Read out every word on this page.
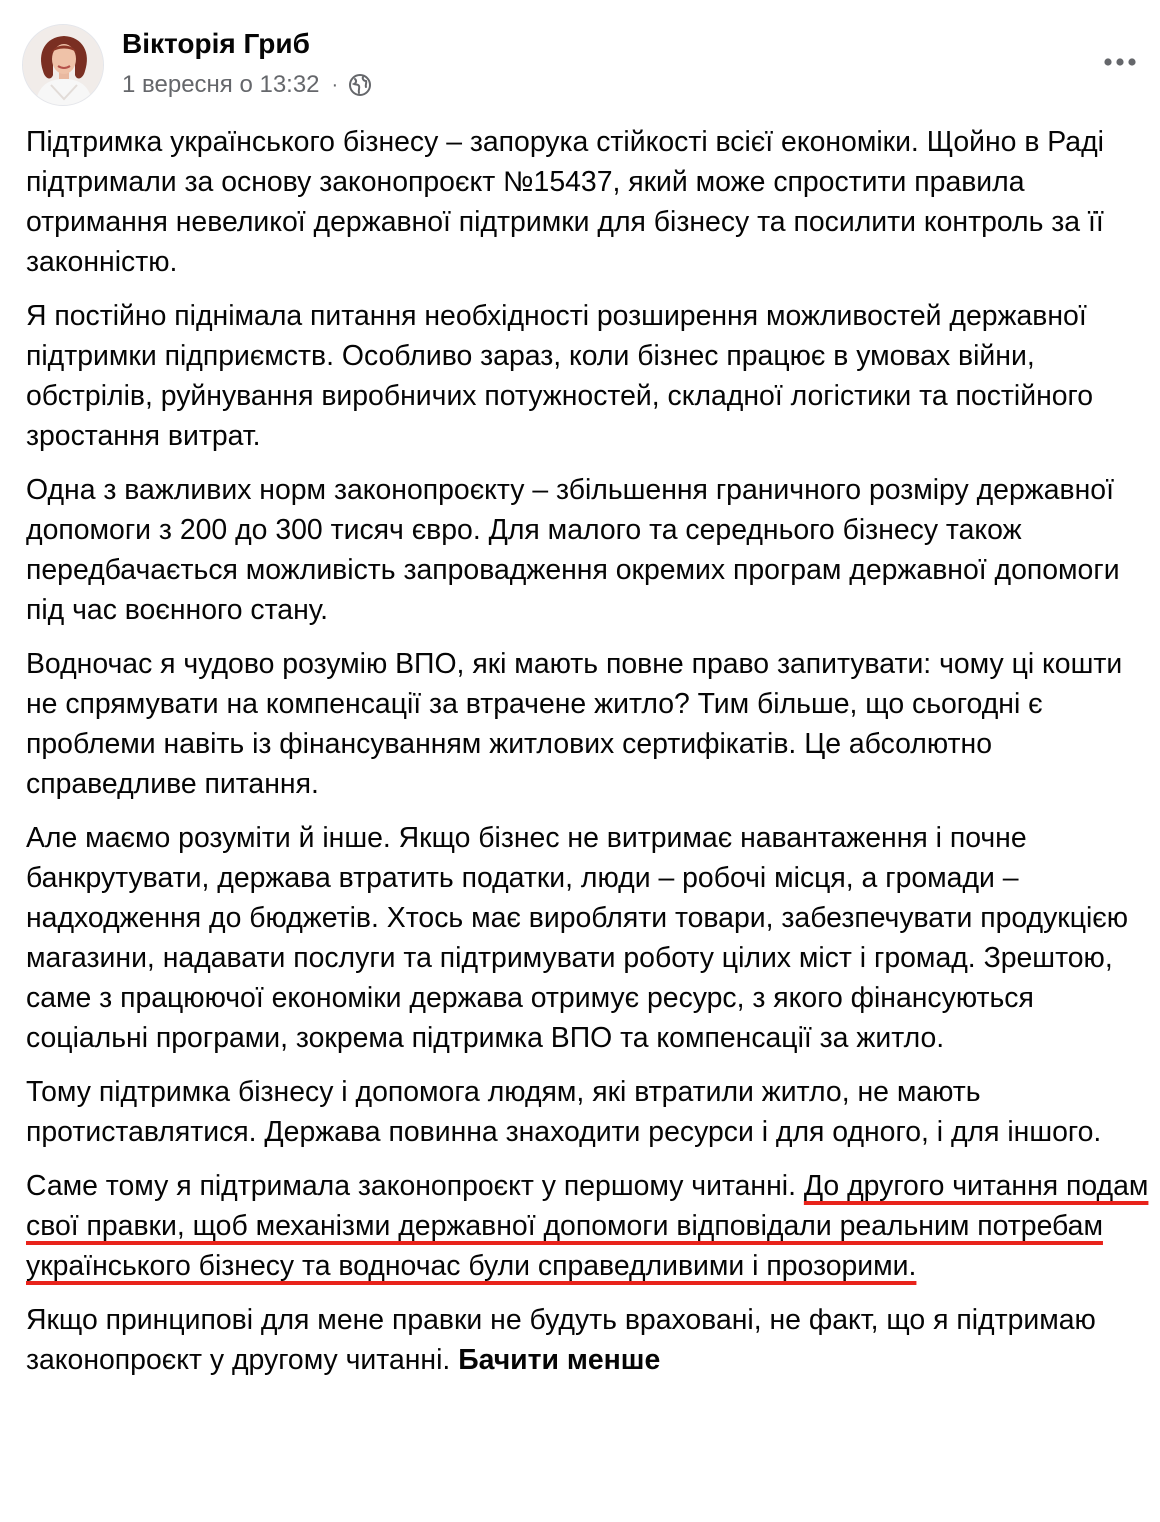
Вікторія Гриб
1 вересня о 13:32 ·

Підтримка українського бізнесу – запорука стійкості всієї економіки. Щойно в Раді підтримали за основу законопроєкт №15437, який може спростити правила отримання невеликої державної підтримки для бізнесу та посилити контроль за її законністю.

Я постійно піднімала питання необхідності розширення можливостей державної підтримки підприємств. Особливо зараз, коли бізнес працює в умовах війни, обстрілів, руйнування виробничих потужностей, складної логістики та постійного зростання витрат.

Одна з важливих норм законопроєкту – збільшення граничного розміру державної допомоги з 200 до 300 тисяч євро. Для малого та середнього бізнесу також передбачається можливість запровадження окремих програм державної допомоги під час воєнного стану.

Водночас я чудово розумію ВПО, які мають повне право запитувати: чому ці кошти не спрямувати на компенсації за втрачене житло? Тим більше, що сьогодні є проблеми навіть із фінансуванням житлових сертифікатів. Це абсолютно справедливе питання.

Але маємо розуміти й інше. Якщо бізнес не витримає навантаження і почне банкрутувати, держава втратить податки, люди – робочі місця, а громади – надходження до бюджетів. Хтось має виробляти товари, забезпечувати продукцією магазини, надавати послуги та підтримувати роботу цілих міст і громад. Зрештою, саме з працюючої економіки держава отримує ресурс, з якого фінансуються соціальні програми, зокрема підтримка ВПО та компенсації за житло.

Тому підтримка бізнесу і допомога людям, які втратили житло, не мають протиставлятися. Держава повинна знаходити ресурси і для одного, і для іншого.

Саме тому я підтримала законопроєкт у першому читанні. До другого читання подам свої правки, щоб механізми державної допомоги відповідали реальним потребам українського бізнесу та водночас були справедливими і прозорими.

Якщо принципові для мене правки не будуть враховані, не факт, що я підтримаю законопроєкт у другому читанні. Бачити менше
